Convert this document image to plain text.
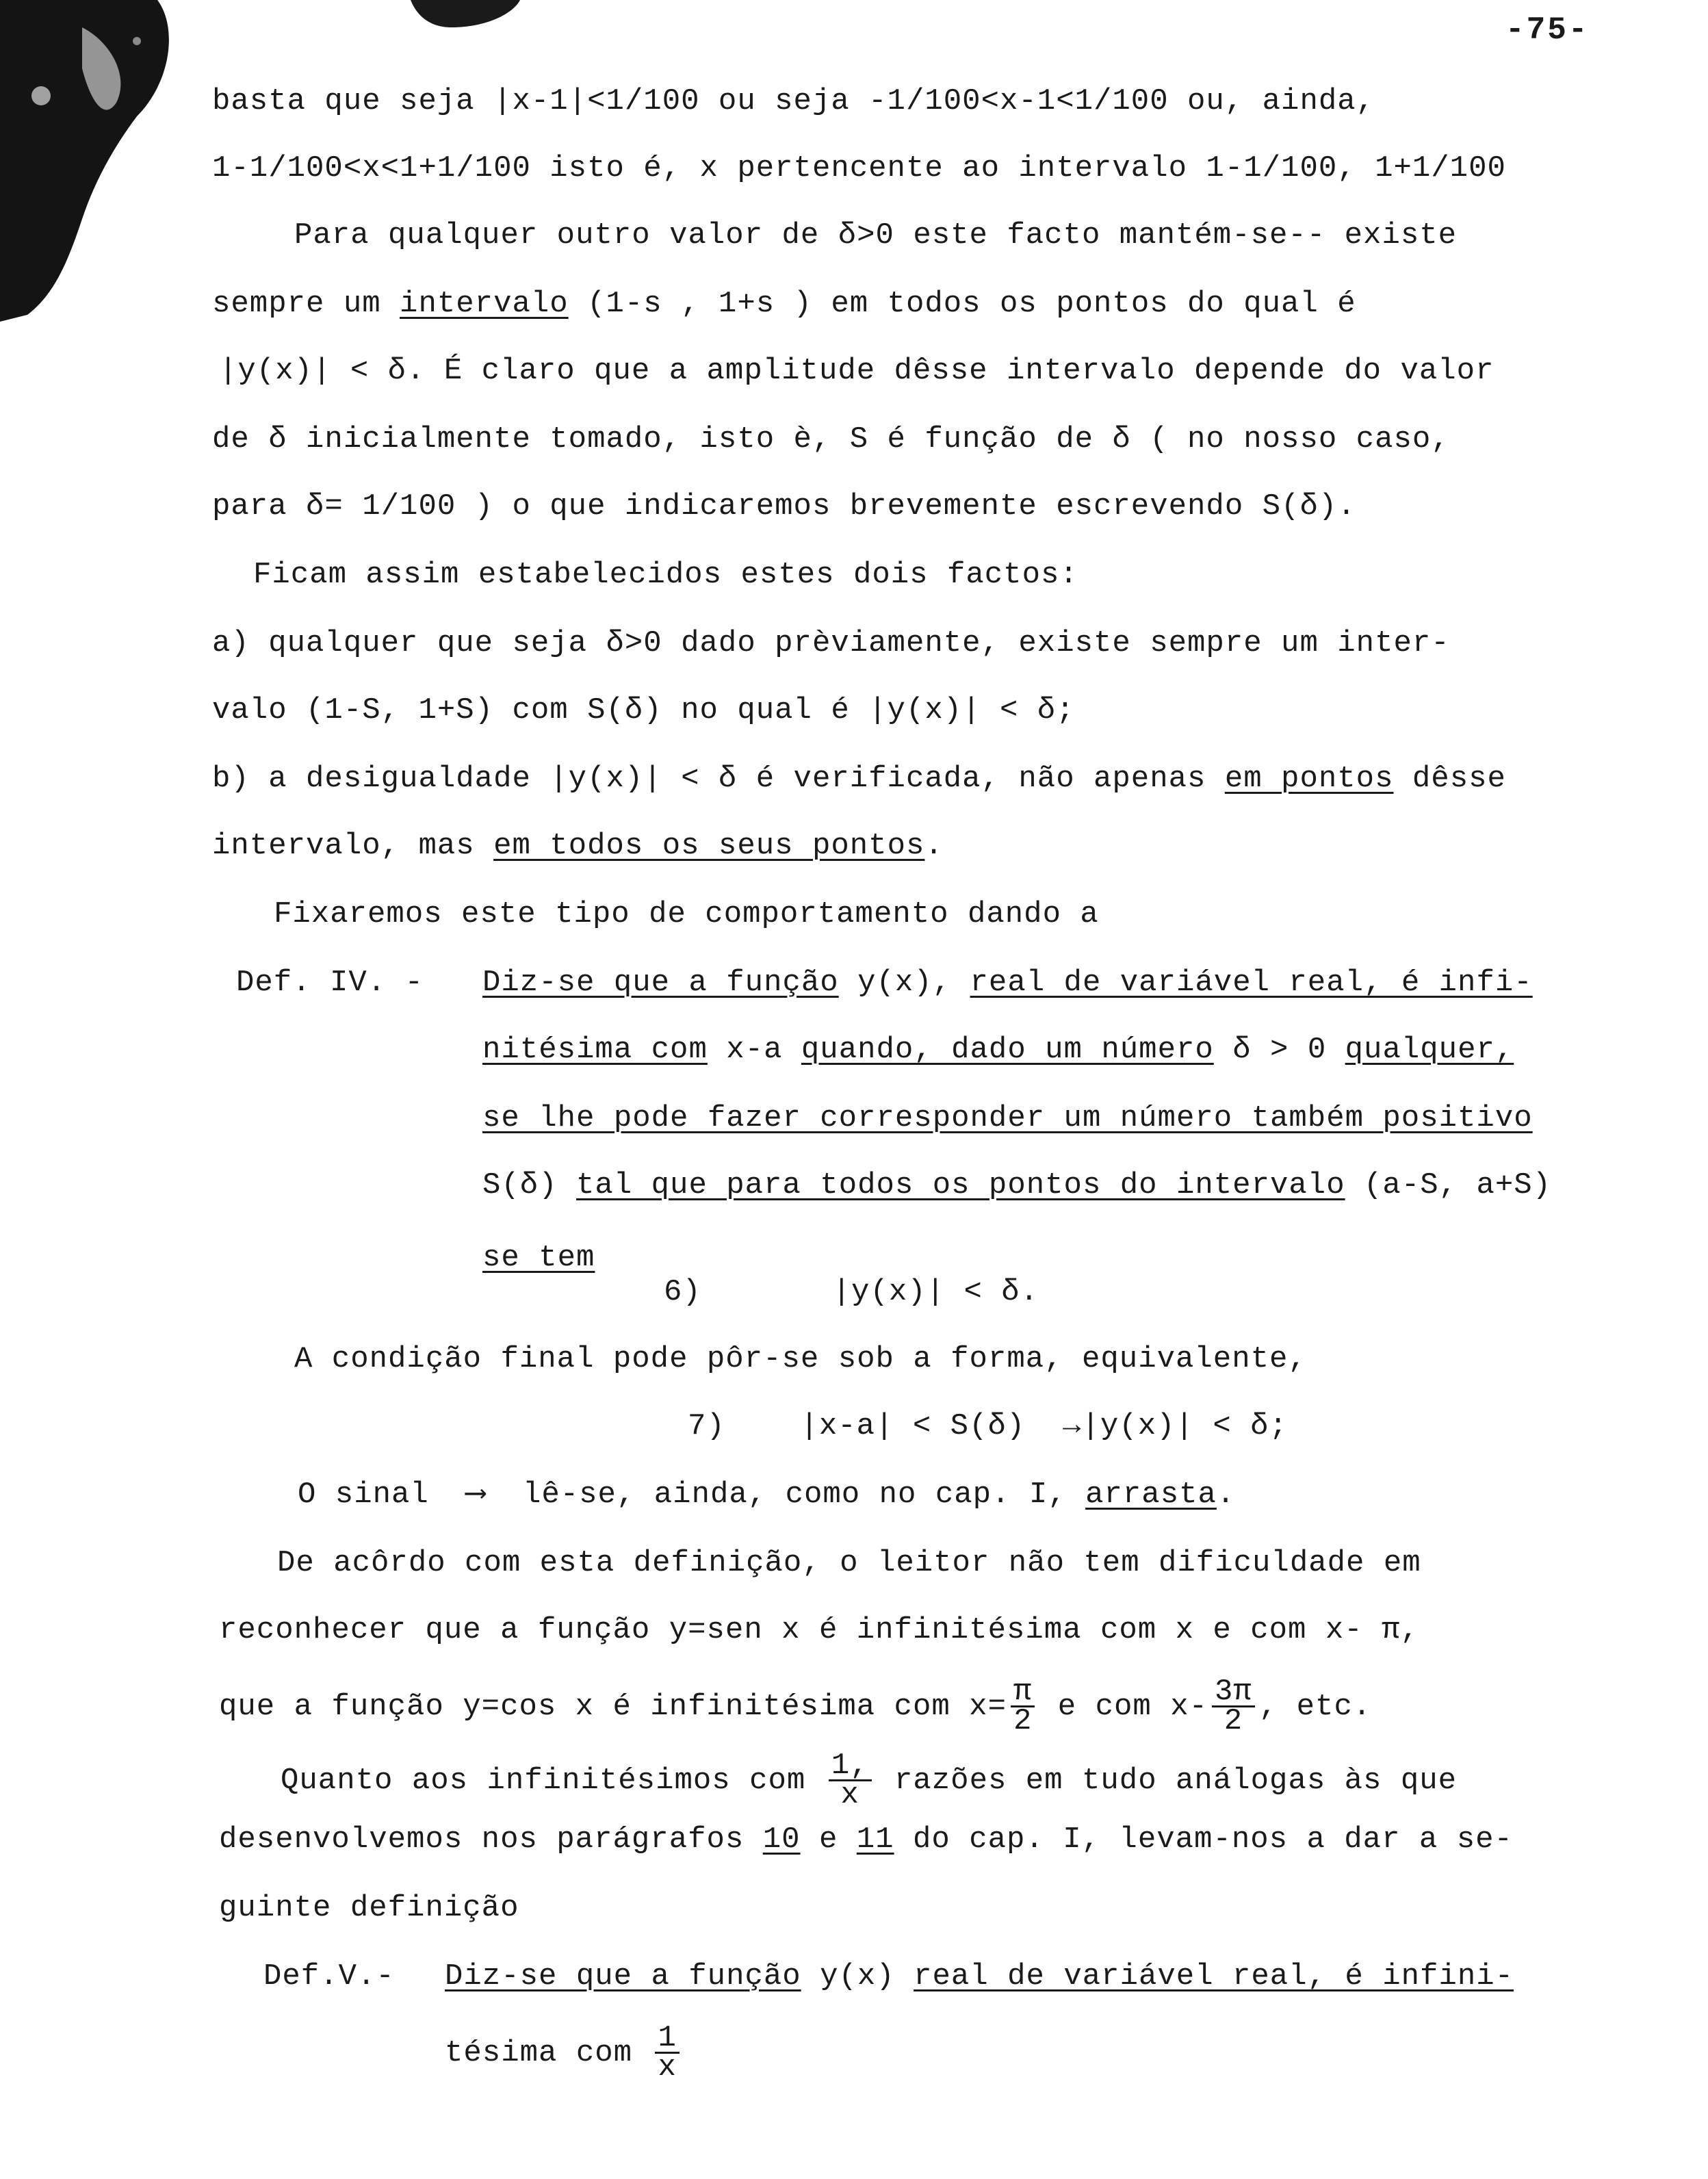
-75-
basta que seja |x-1|<1/100 ou seja -1/100<x-1<1/100 ou, ainda,
1-1/100<x<1+1/100 isto é, x pertencente ao intervalo 1-1/100, 1+1/100
Para qualquer outro valor de δ>0 este facto mantém-se-- existe
sempre um intervalo (1-s , 1+s ) em todos os pontos do qual é
|y(x)| < δ. É claro que a amplitude dêsse intervalo depende do valor
de δ inicialmente tomado, isto è, S é função de δ ( no nosso caso,
para δ= 1/100 ) o que indicaremos brevemente escrevendo S(δ).
Ficam assim estabelecidos estes dois factos:
a) qualquer que seja δ>0 dado prèviamente, existe sempre um inter-
valo (1-S, 1+S) com S(δ) no qual é |y(x)| < δ;
b) a desigualdade |y(x)| < δ é verificada, não apenas em pontos dêsse
intervalo, mas em todos os seus pontos.
Fixaremos este tipo de comportamento dando a
Def. IV. - Diz-se que a função y(x), real de variável real, é infi-
nitésima com x-a quando, dado um número δ > 0 qualquer,
se lhe pode fazer corresponder um número também positivo
S(δ) tal que para todos os pontos do intervalo (a-S, a+S)
se tem
6)       |y(x)| < δ.
A condição final pode pôr-se sob a forma, equivalente,
7)    |x-a| < S(δ)  →|y(x)| < δ;
O sinal  ⟶  lê-se, ainda, como no cap. I, arrasta.
De acôrdo com esta definição, o leitor não tem dificuldade em
reconhecer que a função y=sen x é infinitésima com x e com x- π,
que a função y=cos x é infinitésima com $x= \frac{\pi}{2}$ e com $x- \frac{3\pi}{2}$ , etc.
Quanto aos infinitésimos com $\frac{1,}{x}$ razões em tudo análogas às que
desenvolvemos nos parágrafos 10 e 11 do cap. I, levam-nos a dar a se-
guinte definição
Def.V.- Diz-se que a função y(x) real de variável real, é infini-
tésima com $\frac{1}{x}$
